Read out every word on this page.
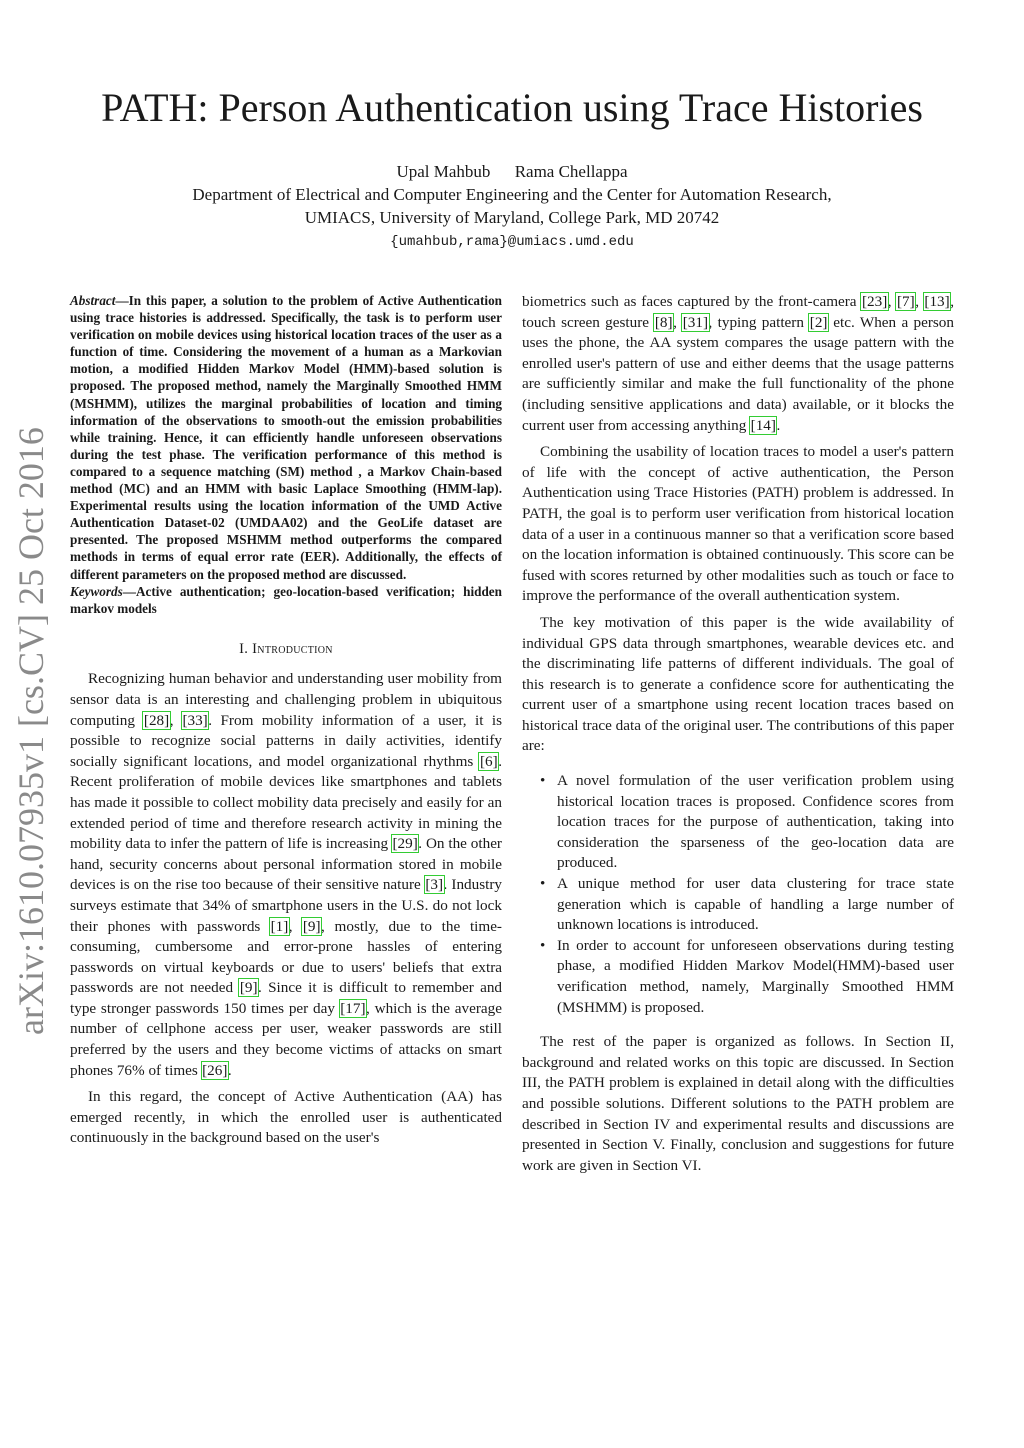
PATH: Person Authentication using Trace Histories
Upal Mahbub Rama Chellappa
Department of Electrical and Computer Engineering and the Center for Automation Research,
UMIACS, University of Maryland, College Park, MD 20742
{umahbub,rama}@umiacs.umd.edu
arXiv:1610.07935v1 [cs.CV] 25 Oct 2016

Abstract—In this paper, a solution to the problem of Active Authentication using trace histories is addressed. Specifically, the task is to perform user verification on mobile devices using historical location traces of the user as a function of time. Considering the movement of a human as a Markovian motion, a modified Hidden Markov Model (HMM)-based solution is proposed. The proposed method, namely the Marginally Smoothed HMM (MSHMM), utilizes the marginal probabilities of location and timing information of the observations to smooth-out the emission probabilities while training. Hence, it can efficiently handle unforeseen observations during the test phase. The verification performance of this method is compared to a sequence matching (SM) method , a Markov Chain-based method (MC) and an HMM with basic Laplace Smoothing (HMM-lap). Experimental results using the location information of the UMD Active Authentication Dataset-02 (UMDAA02) and the GeoLife dataset are presented. The proposed MSHMM method outperforms the compared methods in terms of equal error rate (EER). Additionally, the effects of different parameters on the proposed method are discussed.

Keywords—Active authentication; geo-location-based verification; hidden markov models

I. Introduction

Recognizing human behavior and understanding user mobility from sensor data is an interesting and challenging problem in ubiquitous computing [28], [33]. From mobility information of a user, it is possible to recognize social patterns in daily activities, identify socially significant locations, and model organizational rhythms [6]. Recent proliferation of mobile devices like smartphones and tablets has made it possible to collect mobility data precisely and easily for an extended period of time and therefore research activity in mining the mobility data to infer the pattern of life is increasing [29]. On the other hand, security concerns about personal information stored in mobile devices is on the rise too because of their sensitive nature [3]. Industry surveys estimate that 34% of smartphone users in the U.S. do not lock their phones with passwords [1], [9], mostly, due to the time-consuming, cumbersome and error-prone hassles of entering passwords on virtual keyboards or due to users' beliefs that extra passwords are not needed [9]. Since it is difficult to remember and type stronger passwords 150 times per day [17], which is the average number of cellphone access per user, weaker passwords are still preferred by the users and they become victims of attacks on smart phones 76% of times [26].

In this regard, the concept of Active Authentication (AA) has emerged recently, in which the enrolled user is authenticated continuously in the background based on the user's

biometrics such as faces captured by the front-camera [23], [7], [13], touch screen gesture [8], [31], typing pattern [2] etc. When a person uses the phone, the AA system compares the usage pattern with the enrolled user's pattern of use and either deems that the usage patterns are sufficiently similar and make the full functionality of the phone (including sensitive applications and data) available, or it blocks the current user from accessing anything [14].

Combining the usability of location traces to model a user's pattern of life with the concept of active authentication, the Person Authentication using Trace Histories (PATH) problem is addressed. In PATH, the goal is to perform user verification from historical location data of a user in a continuous manner so that a verification score based on the location information is obtained continuously. This score can be fused with scores returned by other modalities such as touch or face to improve the performance of the overall authentication system.

The key motivation of this paper is the wide availability of individual GPS data through smartphones, wearable devices etc. and the discriminating life patterns of different individuals. The goal of this research is to generate a confidence score for authenticating the current user of a smartphone using recent location traces based on historical trace data of the original user. The contributions of this paper are:

• A novel formulation of the user verification problem using historical location traces is proposed. Confidence scores from location traces for the purpose of authentication, taking into consideration the sparseness of the geo-location data are produced.
• A unique method for user data clustering for trace state generation which is capable of handling a large number of unknown locations is introduced.
• In order to account for unforeseen observations during testing phase, a modified Hidden Markov Model(HMM)-based user verification method, namely, Marginally Smoothed HMM (MSHMM) is proposed.

The rest of the paper is organized as follows. In Section II, background and related works on this topic are discussed. In Section III, the PATH problem is explained in detail along with the difficulties and possible solutions. Different solutions to the PATH problem are described in Section IV and experimental results and discussions are presented in Section V. Finally, conclusion and suggestions for future work are given in Section VI.
